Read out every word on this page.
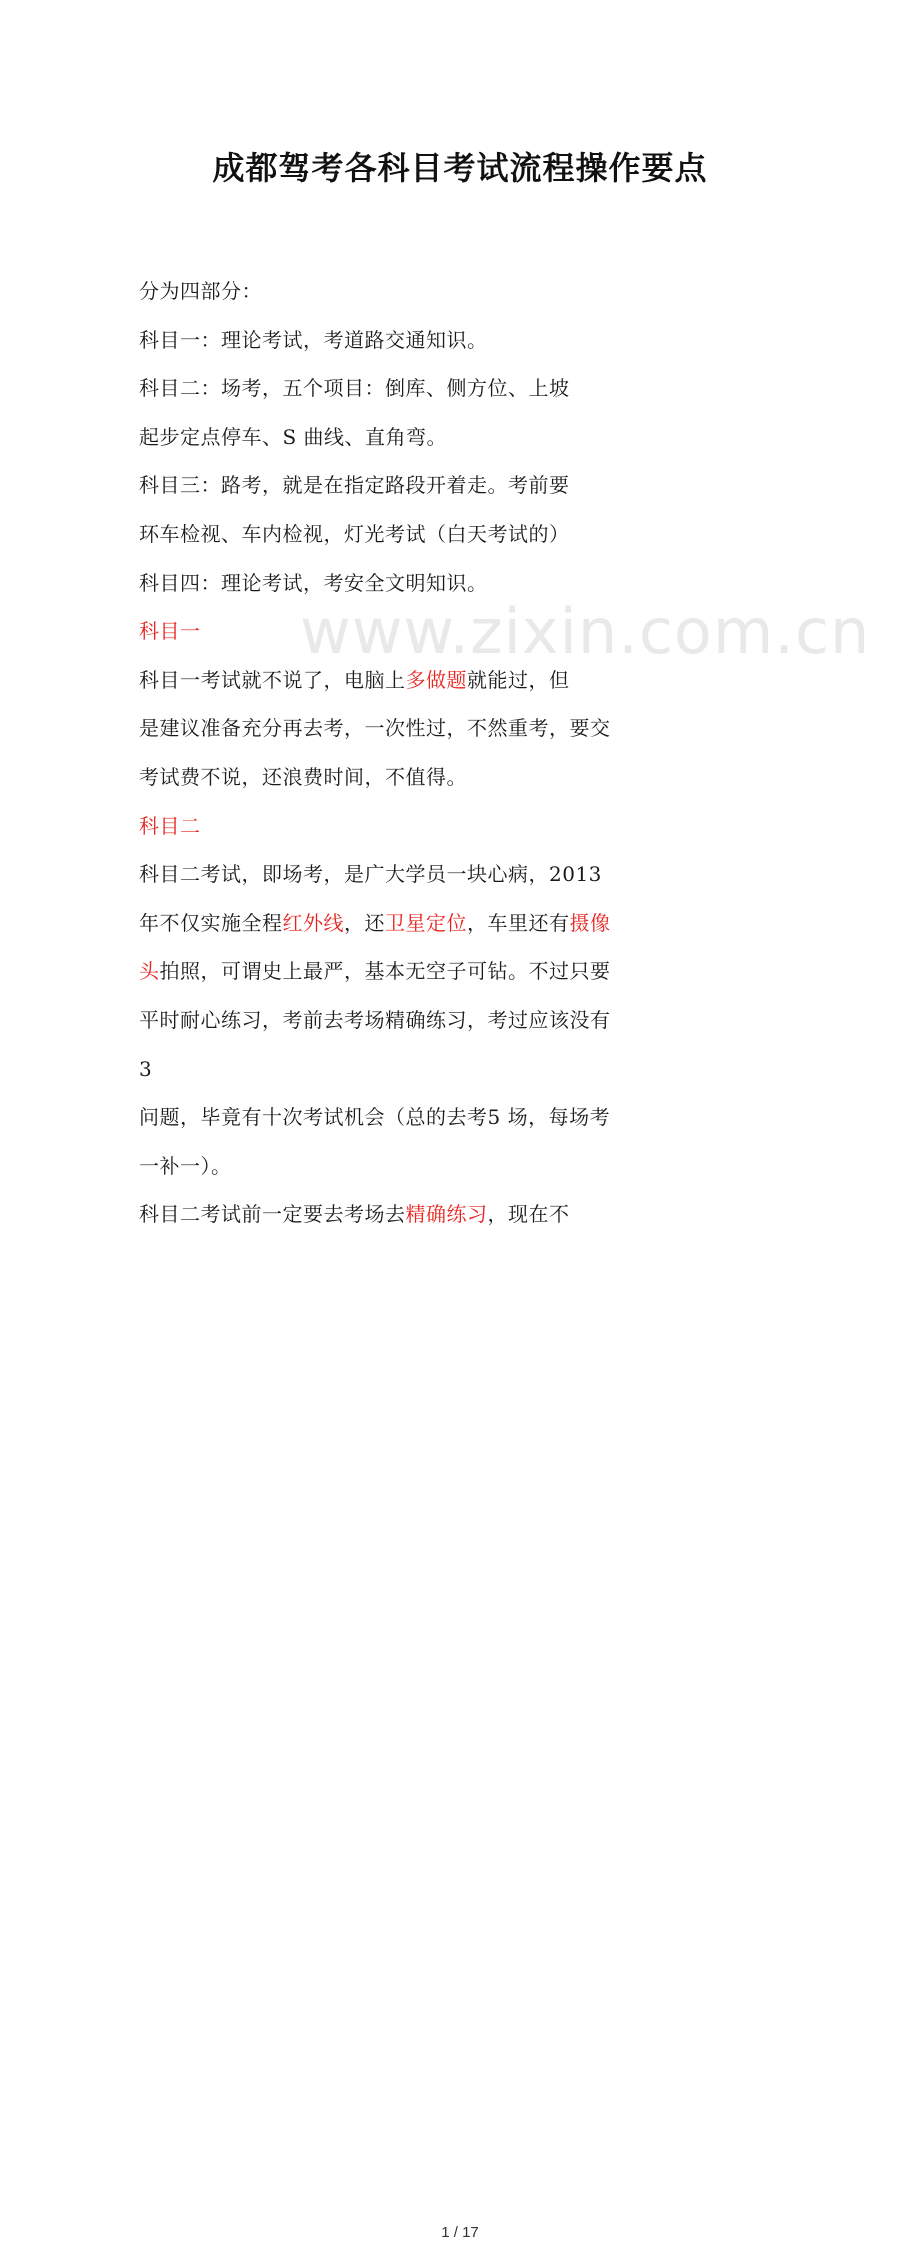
www.zixin.com.cn
成都驾考各科目考试流程操作要点
分为四部分：
科目一：理论考试，考道路交通知识。
科目二：场考，五个项目：倒库、侧方位、上坡
起步定点停车、S 曲线、直角弯。
科目三：路考，就是在指定路段开着走。考前要
环车检视、车内检视，灯光考试（白天考试的）
科目四：理论考试，考安全文明知识。
科目一
科目一考试就不说了，电脑上多做题就能过，但
是建议准备充分再去考，一次性过，不然重考，要交
考试费不说，还浪费时间，不值得。
科目二
科目二考试，即场考，是广大学员一块心病，2013
年不仅实施全程红外线，还卫星定位，车里还有摄像
头拍照，可谓史上最严，基本无空子可钻。不过只要
平时耐心练习，考前去考场精确练习，考过应该没有
3
问题，毕竟有十次考试机会（总的去考5 场，每场考
一补一）。
科目二考试前一定要去考场去精确练习，现在不
1 / 17
